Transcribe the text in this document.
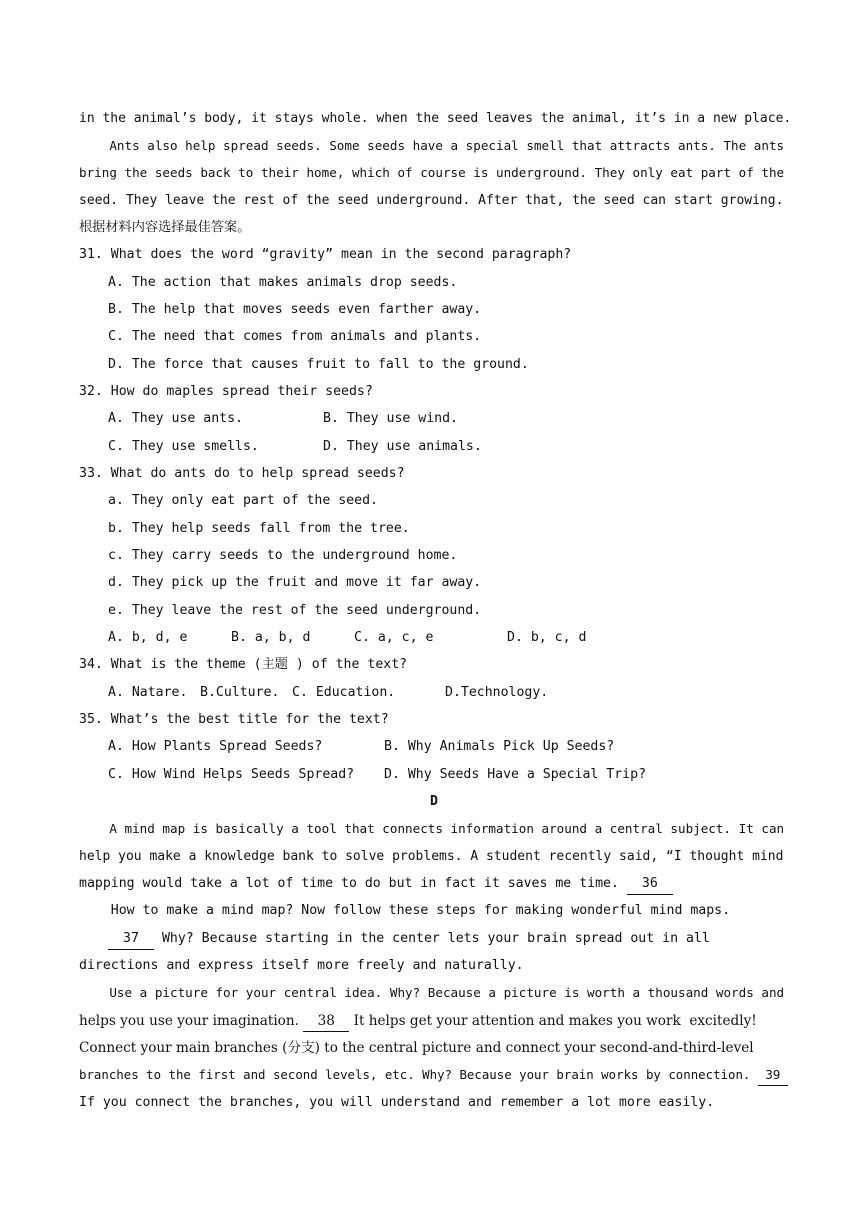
in the animal’s body, it stays whole. when the seed leaves the animal, it’s in a new place.
Ants also help spread seeds. Some seeds have a special smell that attracts ants. The ants
bring the seeds back to their home, which of course is underground. They only eat part of the
seed. They leave the rest of the seed underground. After that, the seed can start growing.
根据材料内容选择最佳答案。
31. What does the word “gravity” mean in the second paragraph?
A. The action that makes animals drop seeds.
B. The help that moves seeds even farther away.
C. The need that comes from animals and plants.
D. The force that causes fruit to fall to the ground.
32. How do maples spread their seeds?
A. They use ants.	B. They use wind.
C. They use smells.	D. They use animals.
33. What do ants do to help spread seeds?
a. They only eat part of the seed.
b. They help seeds fall from the tree.
c. They carry seeds to the underground home.
d. They pick up the fruit and move it far away.
e. They leave the rest of the seed underground.
A. b, d, e	B. a, b, d	C. a, c, e	D. b, c, d
34. What is the theme (主题 ) of the text?
A. Natare. B.Culture. C. Education.	D.Technology.
35. What’s the best title for the text?
A. How Plants Spread Seeds?	B. Why Animals Pick Up Seeds?
C. How Wind Helps Seeds Spread?	D. Why Seeds Have a Special Trip?
D
A mind map is basically a tool that connects information around a central subject. It can
help you make a knowledge bank to solve problems. A student recently said, “I thought mind
mapping would take a lot of time to do but in fact it saves me time. 36
How to make a mind map? Now follow these steps for making wonderful mind maps.
37 Why? Because starting in the center lets your brain spread out in all
directions and express itself more freely and naturally.
Use a picture for your central idea. Why? Because a picture is worth a thousand words and
helps you use your imagination. 38 It helps get your attention and makes you work  excitedly!
Connect your main branches (分支) to the central picture and connect your second-and-third-level
branches to the first and second levels, etc. Why? Because your brain works by connection. 39
If you connect the branches, you will understand and remember a lot more easily.
